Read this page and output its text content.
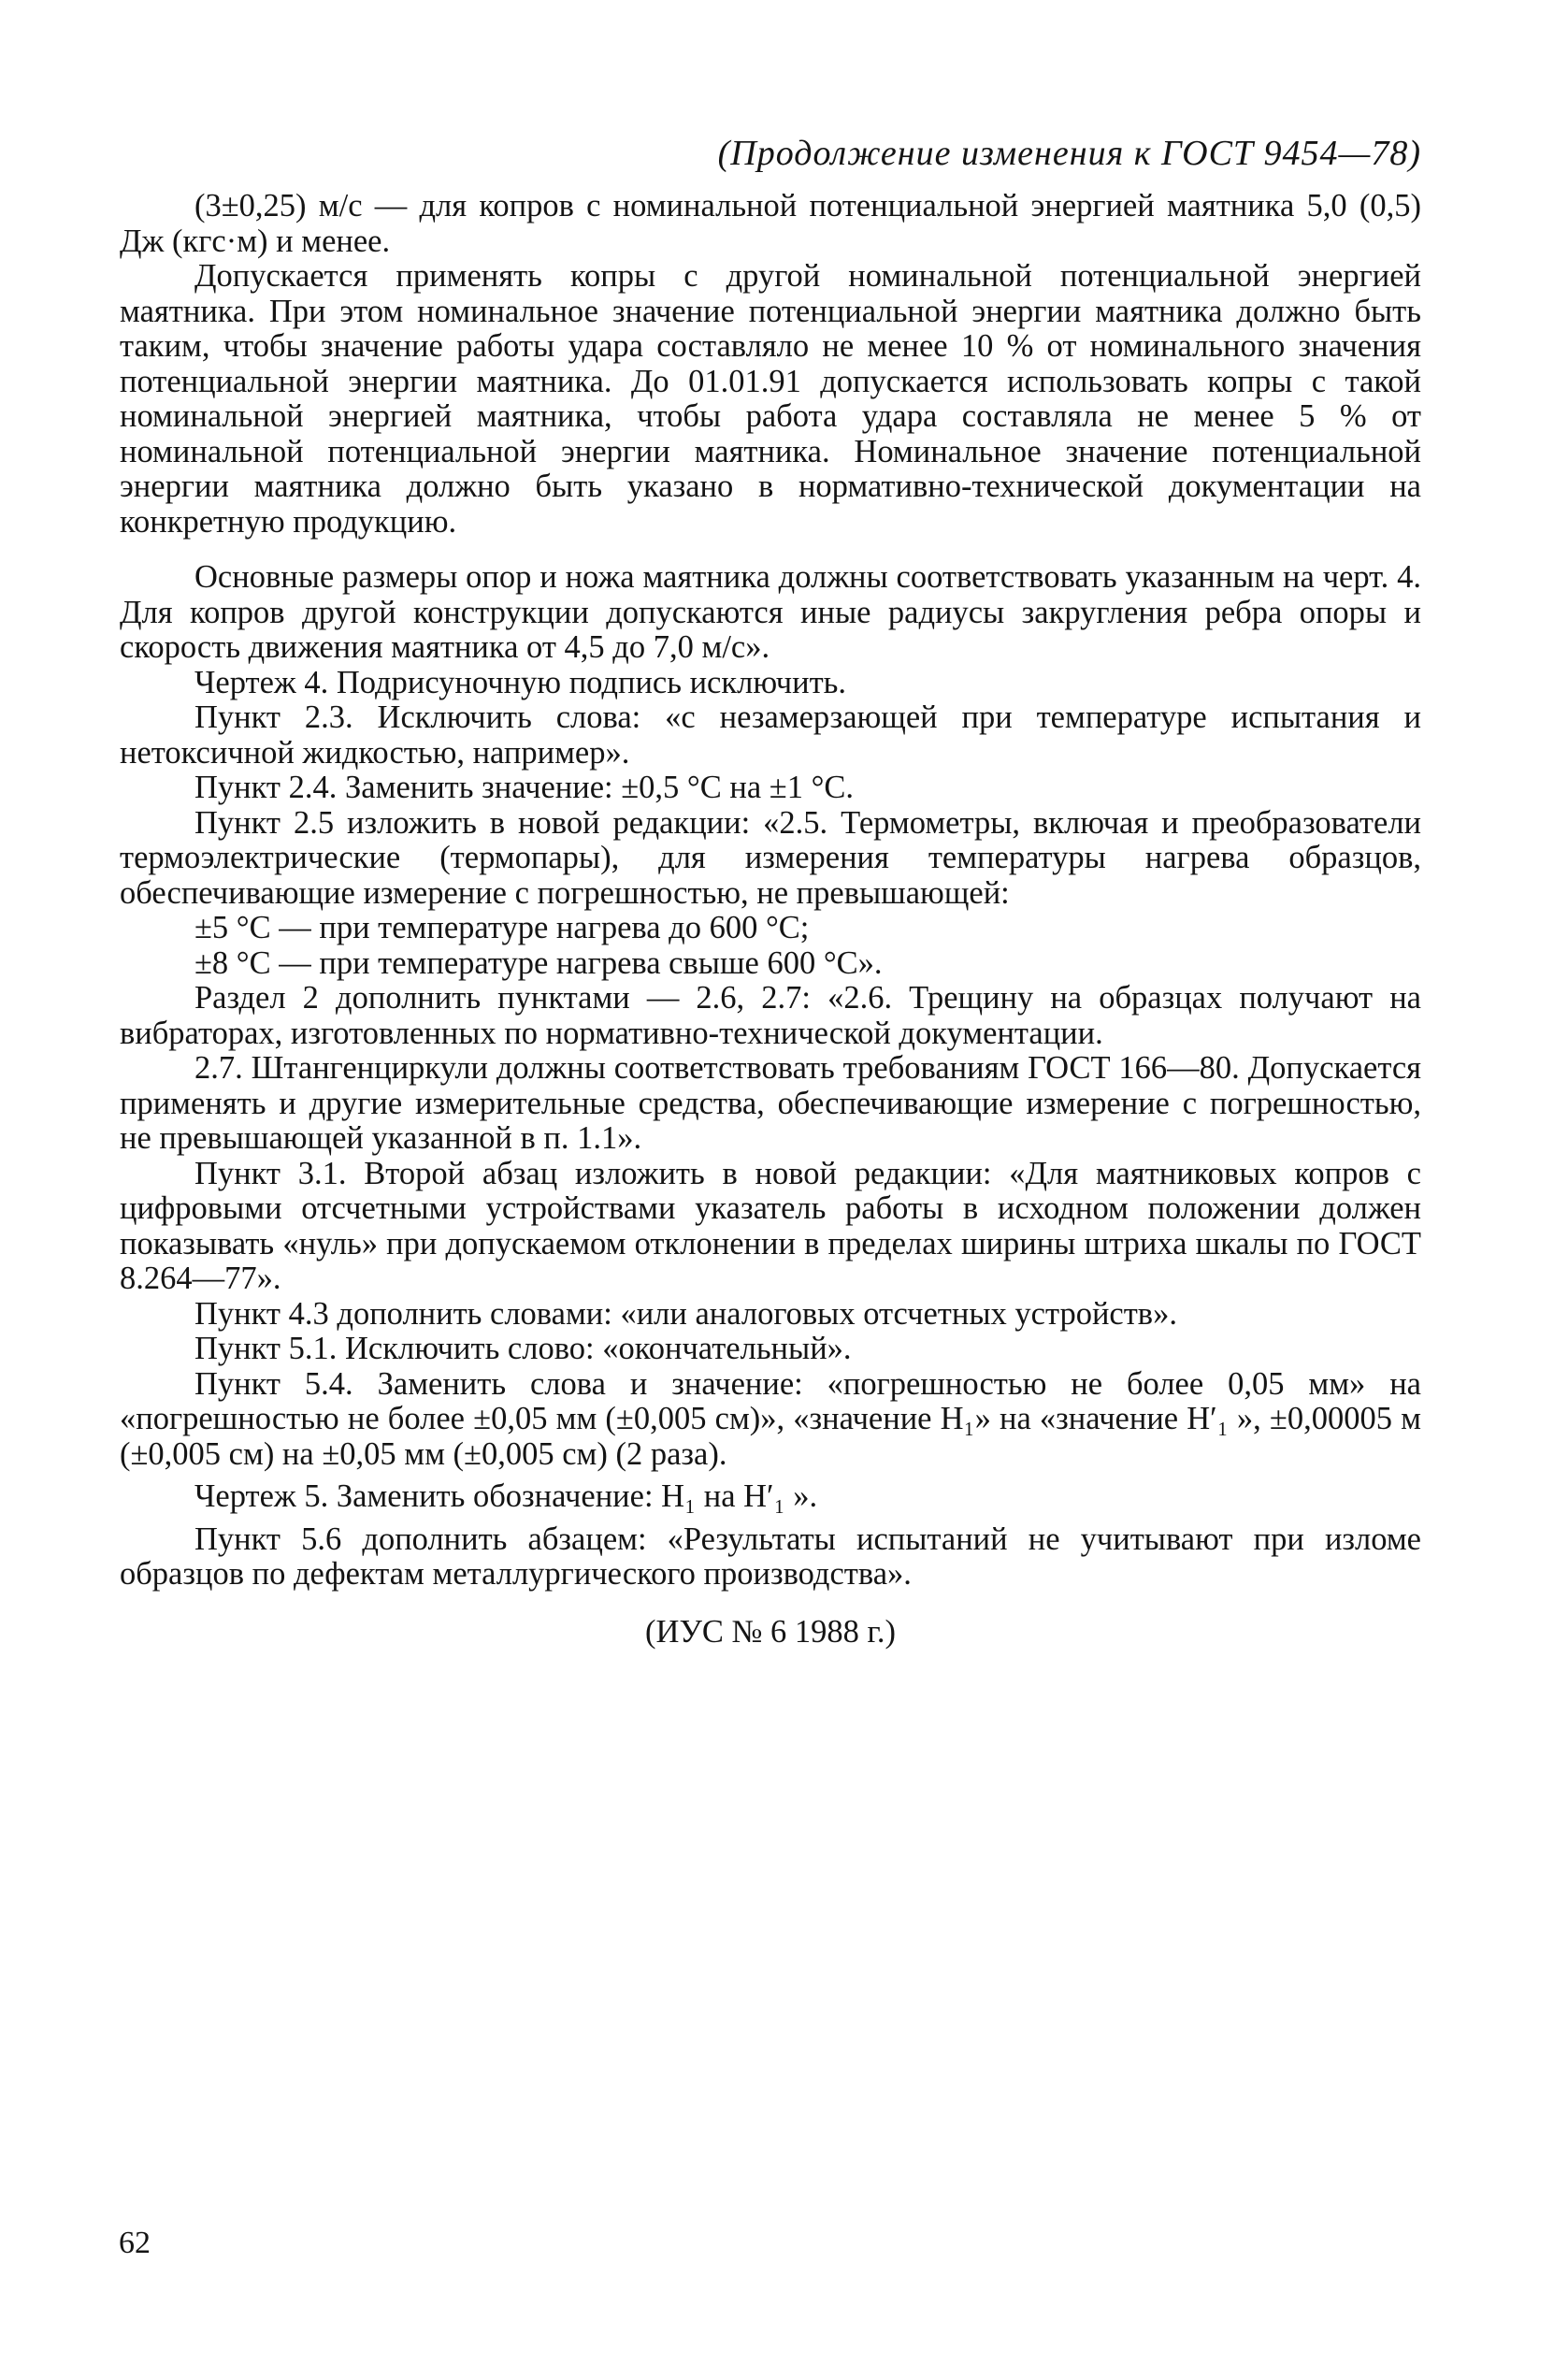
(Продолжение изменения к ГОСТ 9454—78)

(3±0,25) м/с — для копров с номинальной потенциальной энергией маятника 5,0 (0,5) Дж (кгс·м) и менее.

Допускается применять копры с другой номинальной потенциальной энергией маятника. При этом номинальное значение потенциальной энергии маятника должно быть таким, чтобы значение работы удара составляло не менее 10 % от номинального значения потенциальной энергии маятника. До 01.01.91 допускается использовать копры с такой номинальной энергией маятника, чтобы работа удара составляла не менее 5 % от номинальной потенциальной энергии маятника. Номинальное значение потенциальной энергии маятника должно быть указано в нормативно-технической документации на конкретную продукцию.

Основные размеры опор и ножа маятника должны соответствовать указанным на черт. 4. Для копров другой конструкции допускаются иные радиусы закругления ребра опоры и скорость движения маятника от 4,5 до 7,0 м/с».

Чертеж 4. Подрисуночную подпись исключить.

Пункт 2.3. Исключить слова: «с незамерзающей при температуре испытания и нетоксичной жидкостью, например».

Пункт 2.4. Заменить значение: ±0,5 °С на ±1 °С.

Пункт 2.5 изложить в новой редакции: «2.5. Термометры, включая и преобразователи термоэлектрические (термопары), для измерения температуры нагрева образцов, обеспечивающие измерение с погрешностью, не превышающей:

±5 °С — при температуре нагрева до 600 °С;

±8 °С — при температуре нагрева свыше 600 °С».

Раздел 2 дополнить пунктами — 2.6, 2.7: «2.6. Трещину на образцах получают на вибраторах, изготовленных по нормативно-технической документации.

2.7. Штангенциркули должны соответствовать требованиям ГОСТ 166—80. Допускается применять и другие измерительные средства, обеспечивающие измерение с погрешностью, не превышающей указанной в п. 1.1».

Пункт 3.1. Второй абзац изложить в новой редакции: «Для маятниковых копров с цифровыми отсчетными устройствами указатель работы в исходном положении должен показывать «нуль» при допускаемом отклонении в пределах ширины штриха шкалы по ГОСТ 8.264—77».

Пункт 4.3 дополнить словами: «или аналоговых отсчетных устройств».

Пункт 5.1. Исключить слово: «окончательный».

Пункт 5.4. Заменить слова и значение: «погрешностью не более 0,05 мм» на «погрешностью не более ±0,05 мм (±0,005 см)», «значение H₁» на «значение H′₁ », ±0,00005 м (±0,005 см) на ±0,05 мм (±0,005 см) (2 раза).

Чертеж 5. Заменить обозначение: H₁ на H′₁ ».

Пункт 5.6 дополнить абзацем: «Результаты испытаний не учитывают при изломе образцов по дефектам металлургического производства».

(ИУС № 6 1988 г.)

62
